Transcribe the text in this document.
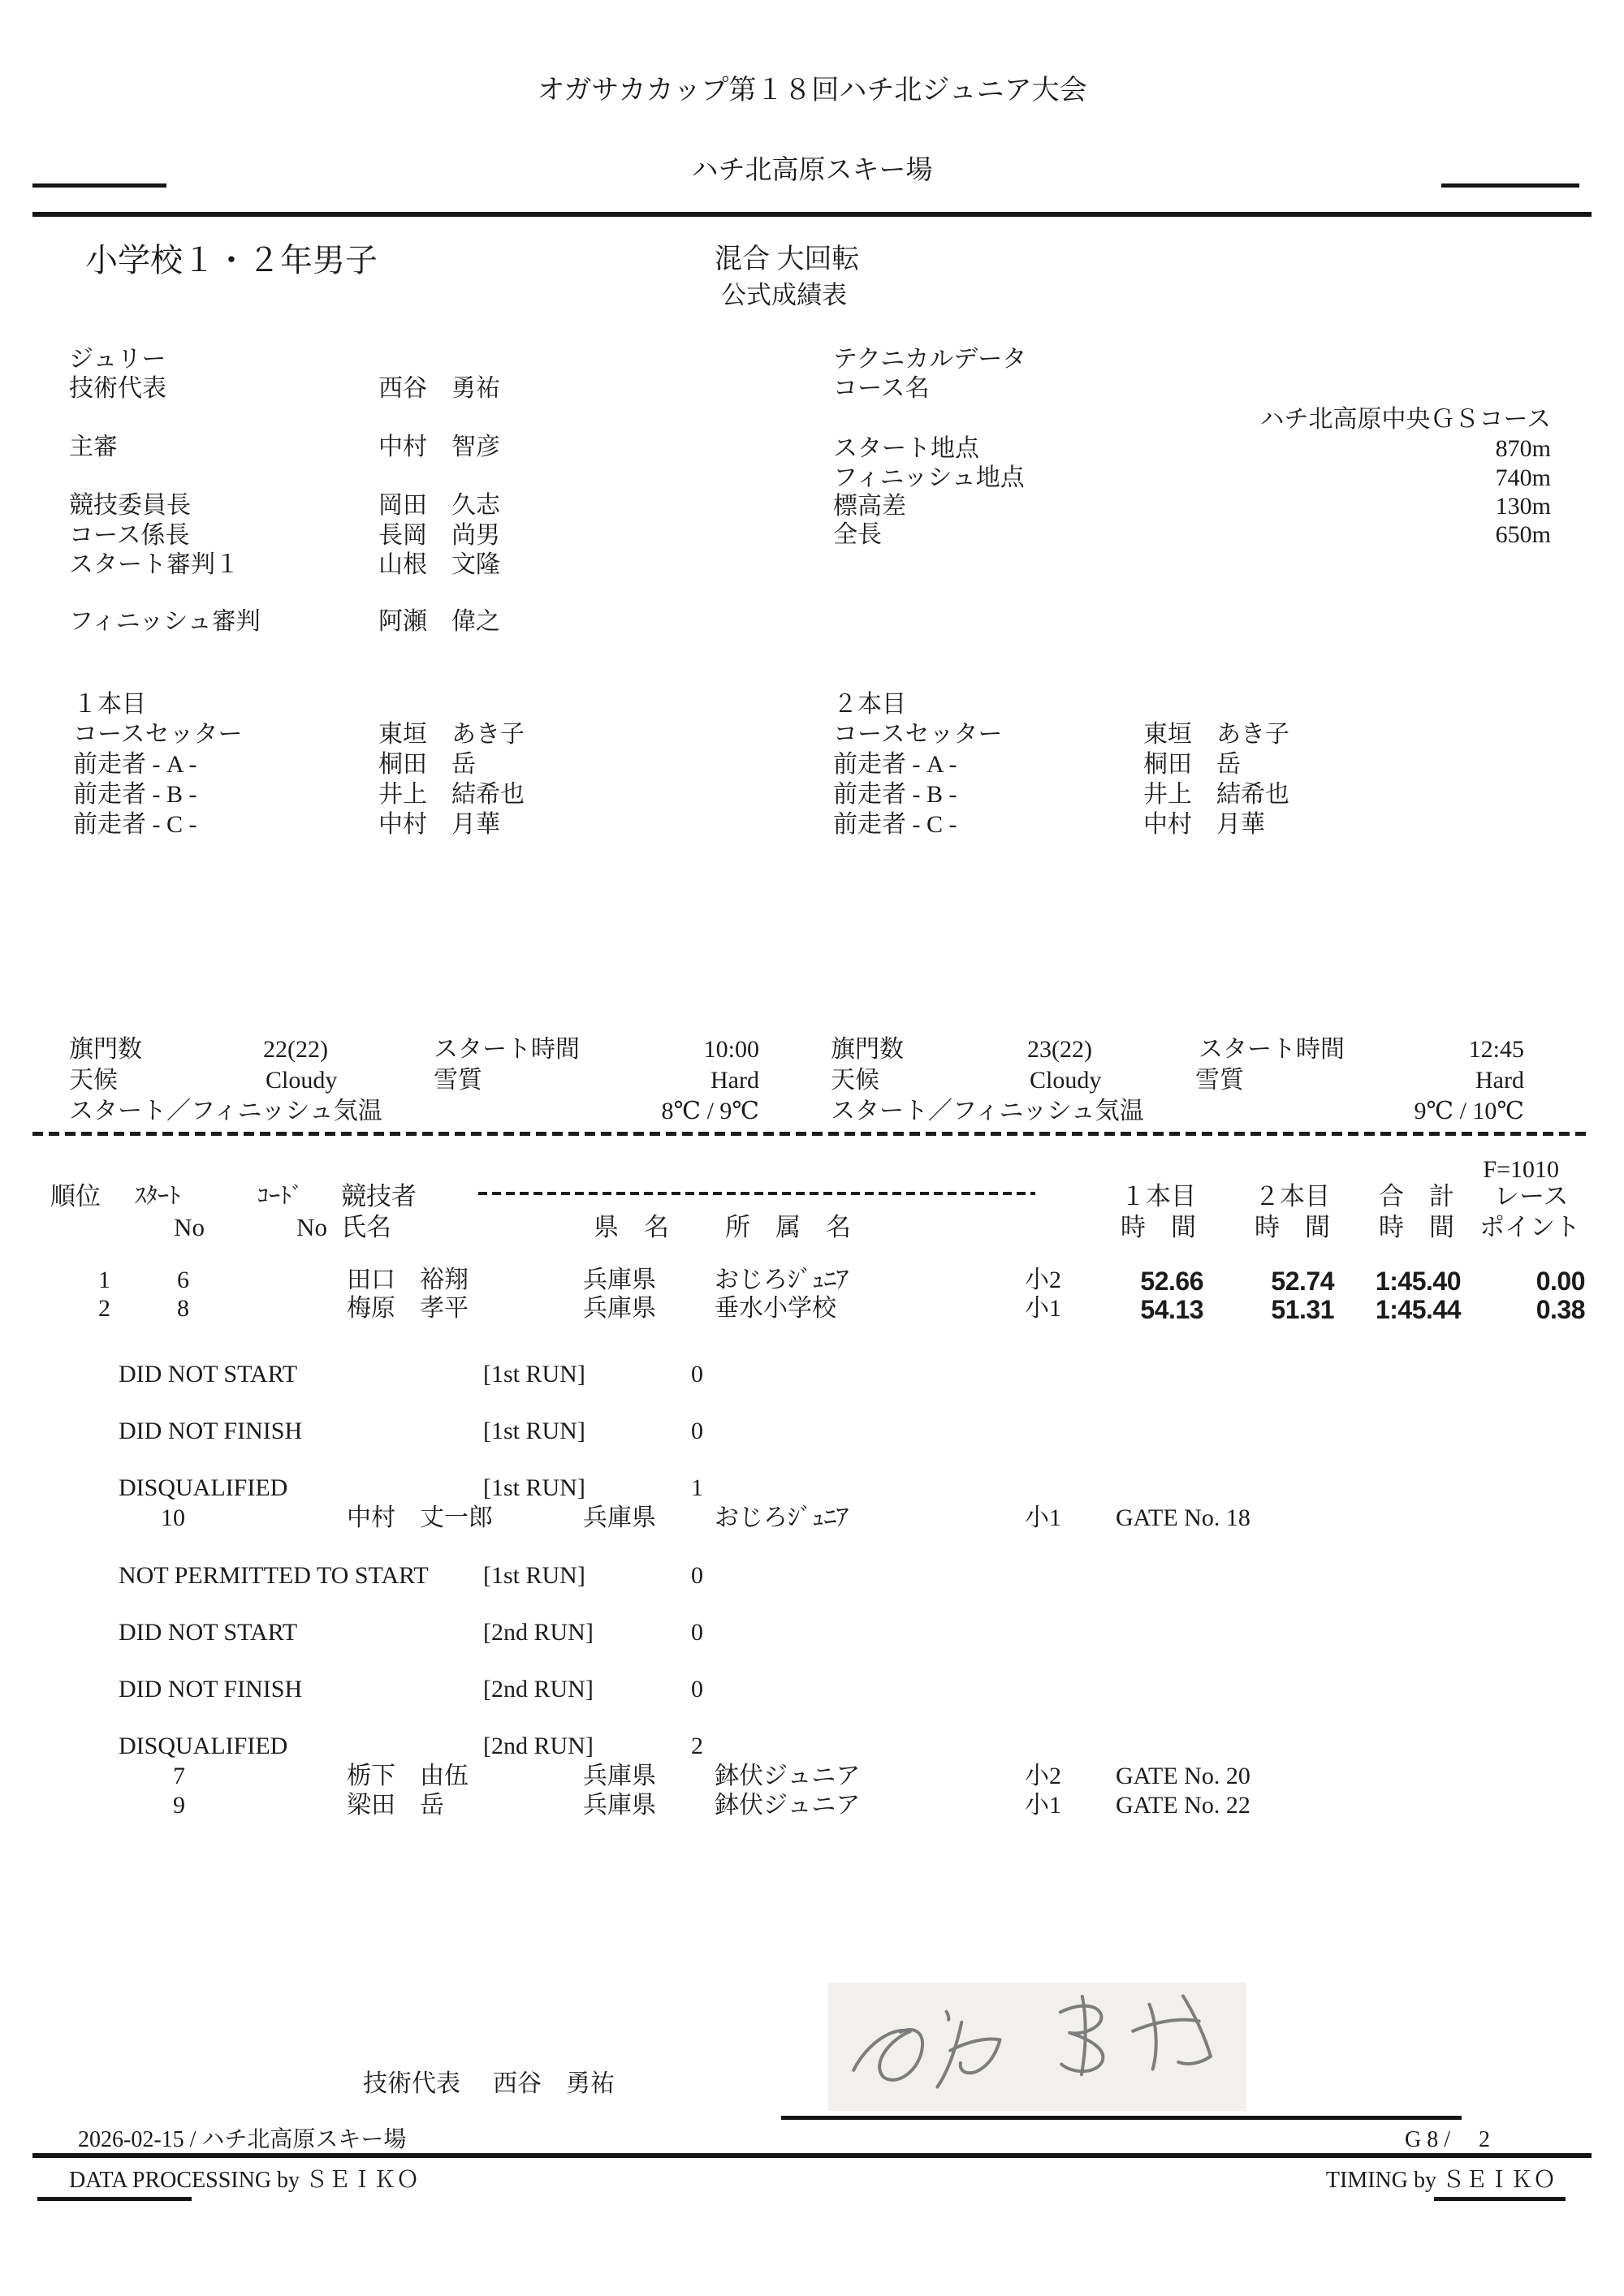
オガサカカップ第１８回ハチ北ジュニア大会
ハチ北高原スキー場
小学校１・２年男子	混合 大回転
公式成績表
ジュリー
技術代表	西谷　勇祐
主審	中村　智彦
競技委員長	岡田　久志
コース係長	長岡　尚男
スタート審判１	山根　文隆
フィニッシュ審判	阿瀬　偉之
テクニカルデータ
コース名
ハチ北高原中央ＧＳコース
スタート地点	870m
フィニッシュ地点	740m
標高差	130m
全長	650m
１本目
コースセッター	東垣　あき子
前走者 - A -	桐田　岳
前走者 - B -	井上　結希也
前走者 - C -	中村　月華
２本目
コースセッター	東垣　あき子
前走者 - A -	桐田　岳
前走者 - B -	井上　結希也
前走者 - C -	中村　月華
旗門数	22(22)	スタート時間	10:00
天候	Cloudy	雪質	Hard
スタート／フィニッシュ気温	8℃ / 9℃
旗門数	23(22)	スタート時間	12:45
天候	Cloudy	雪質	Hard
スタート／フィニッシュ気温	9℃ / 10℃
F=1010
順位 ｽﾀｰﾄ
No
ｺｰﾄﾞ
No
競技者
氏名	県　名 所　属　名
１本目
時　間
２本目
時　間
合　計
時　間
レース
ポイント
1	6	田口　裕翔	兵庫県 おじろｼﾞｭﾆｱ	小2	52.66	52.74	1:45.40	0.00
2	8	梅原　孝平	兵庫県 垂水小学校	小1	54.13	51.31	1:45.44	0.38
DID NOT START	[1st RUN]	0
DID NOT FINISH	[1st RUN]	0
DISQUALIFIED	[1st RUN]	1
10	中村　丈一郎	兵庫県 おじろｼﾞｭﾆｱ	小1 GATE No. 18
NOT PERMITTED TO START [1st RUN]	0
DID NOT START	[2nd RUN]	0
DID NOT FINISH	[2nd RUN]	0
DISQUALIFIED	[2nd RUN]	2
7	栃下　由伍	兵庫県 鉢伏ジュニア	小2 GATE No. 20
9	梁田　岳	兵庫県 鉢伏ジュニア	小1 GATE No. 22
技術代表 西谷　勇祐
2026-02-15 / ハチ北高原スキー場	G 8 /　 2
DATA PROCESSING by ＳＥＩＫＯ	TIMING by ＳＥＩＫＯ
